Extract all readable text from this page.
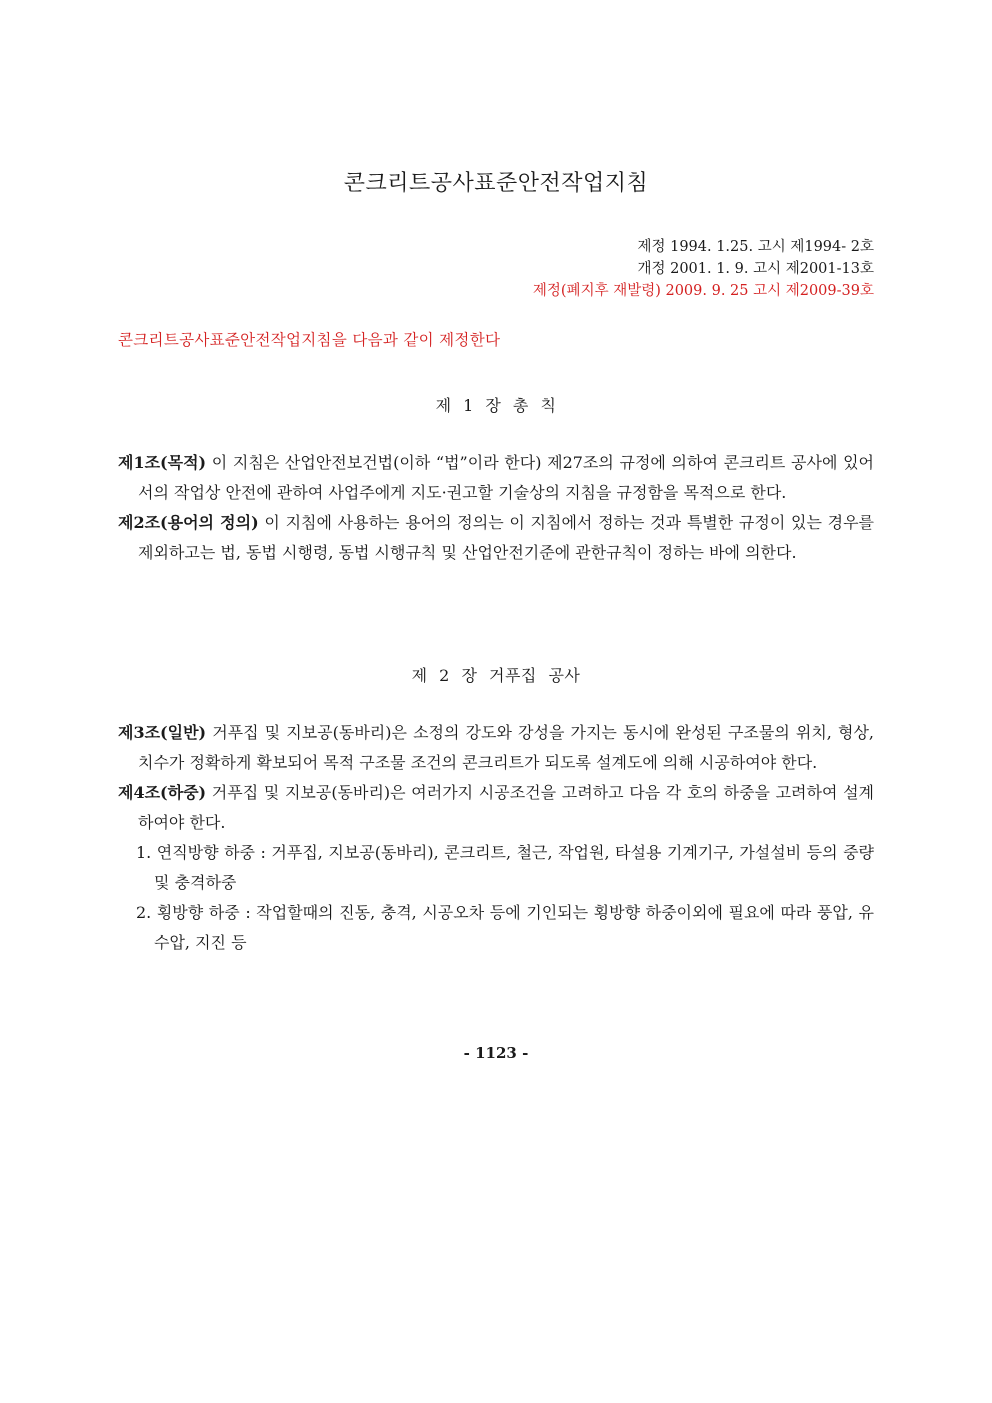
콘크리트공사표준안전작업지침
제정 1994. 1.25. 고시 제1994- 2호
개정 2001. 1. 9. 고시 제2001-13호
제정(폐지후 재발령) 2009. 9. 25 고시 제2009-39호
콘크리트공사표준안전작업지침을 다음과 같이 제정한다
제 1 장 총 칙
제1조(목적) 이 지침은 산업안전보건법(이하 “법”이라 한다) 제27조의 규정에 의하여 콘크리트 공사에 있어서의 작업상 안전에 관하여 사업주에게 지도·권고할 기술상의 지침을 규정함을 목적으로 한다.
제2조(용어의 정의) 이 지침에 사용하는 용어의 정의는 이 지침에서 정하는 것과 특별한 규정이 있는 경우를 제외하고는 법, 동법 시행령, 동법 시행규칙 및 산업안전기준에 관한규칙이 정하는 바에 의한다.
제 2 장 거푸집 공사
제3조(일반) 거푸집 및 지보공(동바리)은 소정의 강도와 강성을 가지는 동시에 완성된 구조물의 위치, 형상, 치수가 정확하게 확보되어 목적 구조물 조건의 콘크리트가 되도록 설계도에 의해 시공하여야 한다.
제4조(하중) 거푸집 및 지보공(동바리)은 여러가지 시공조건을 고려하고 다음 각 호의 하중을 고려하여 설계하여야 한다.
1. 연직방향 하중 : 거푸집, 지보공(동바리), 콘크리트, 철근, 작업원, 타설용 기계기구, 가설설비 등의 중량 및 충격하중
2. 횡방향 하중 : 작업할때의 진동, 충격, 시공오차 등에 기인되는 횡방향 하중이외에 필요에 따라 풍압, 유수압, 지진 등
- 1123 -
